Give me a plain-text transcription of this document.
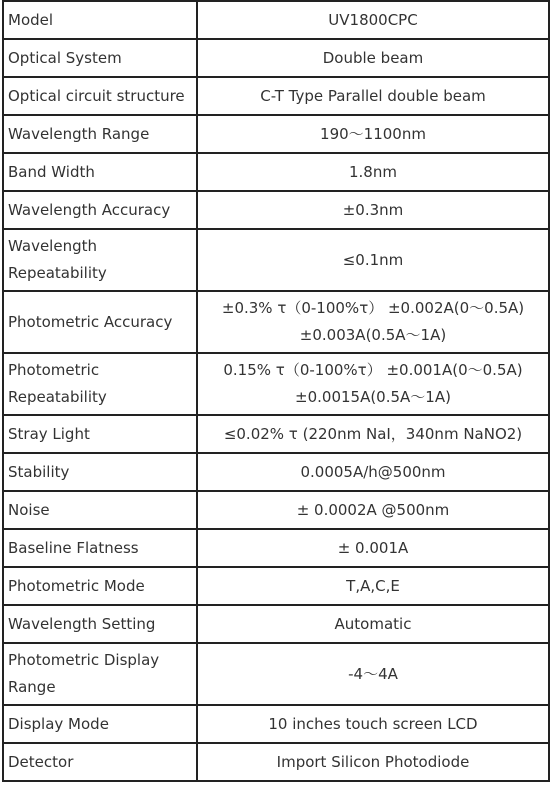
Model	UV1800CPC

Optical System	Double beam

Optical circuit structure	C-T Type Parallel double beam

Wavelength Range	190～1100nm

Band Width	1.8nm

Wavelength Accuracy	±0.3nm

Wavelength Repeatability	≤0.1nm

Photometric Accuracy	±0.3% τ（0-100%τ） ±0.002A(0～0.5A)
±0.003A(0.5A～1A)

Photometric Repeatability	0.15% τ（0-100%τ） ±0.001A(0～0.5A)
±0.0015A(0.5A～1A)

Stray Light	≤0.02% τ (220nm NaI，340nm NaNO2)

Stability	0.0005A/h@500nm

Noise	± 0.0002A @500nm

Baseline Flatness	± 0.001A

Photometric Mode	T,A,C,E

Wavelength Setting	Automatic

Photometric Display Range	-4～4A

Display Mode	10 inches touch screen LCD

Detector	Import Silicon Photodiode
